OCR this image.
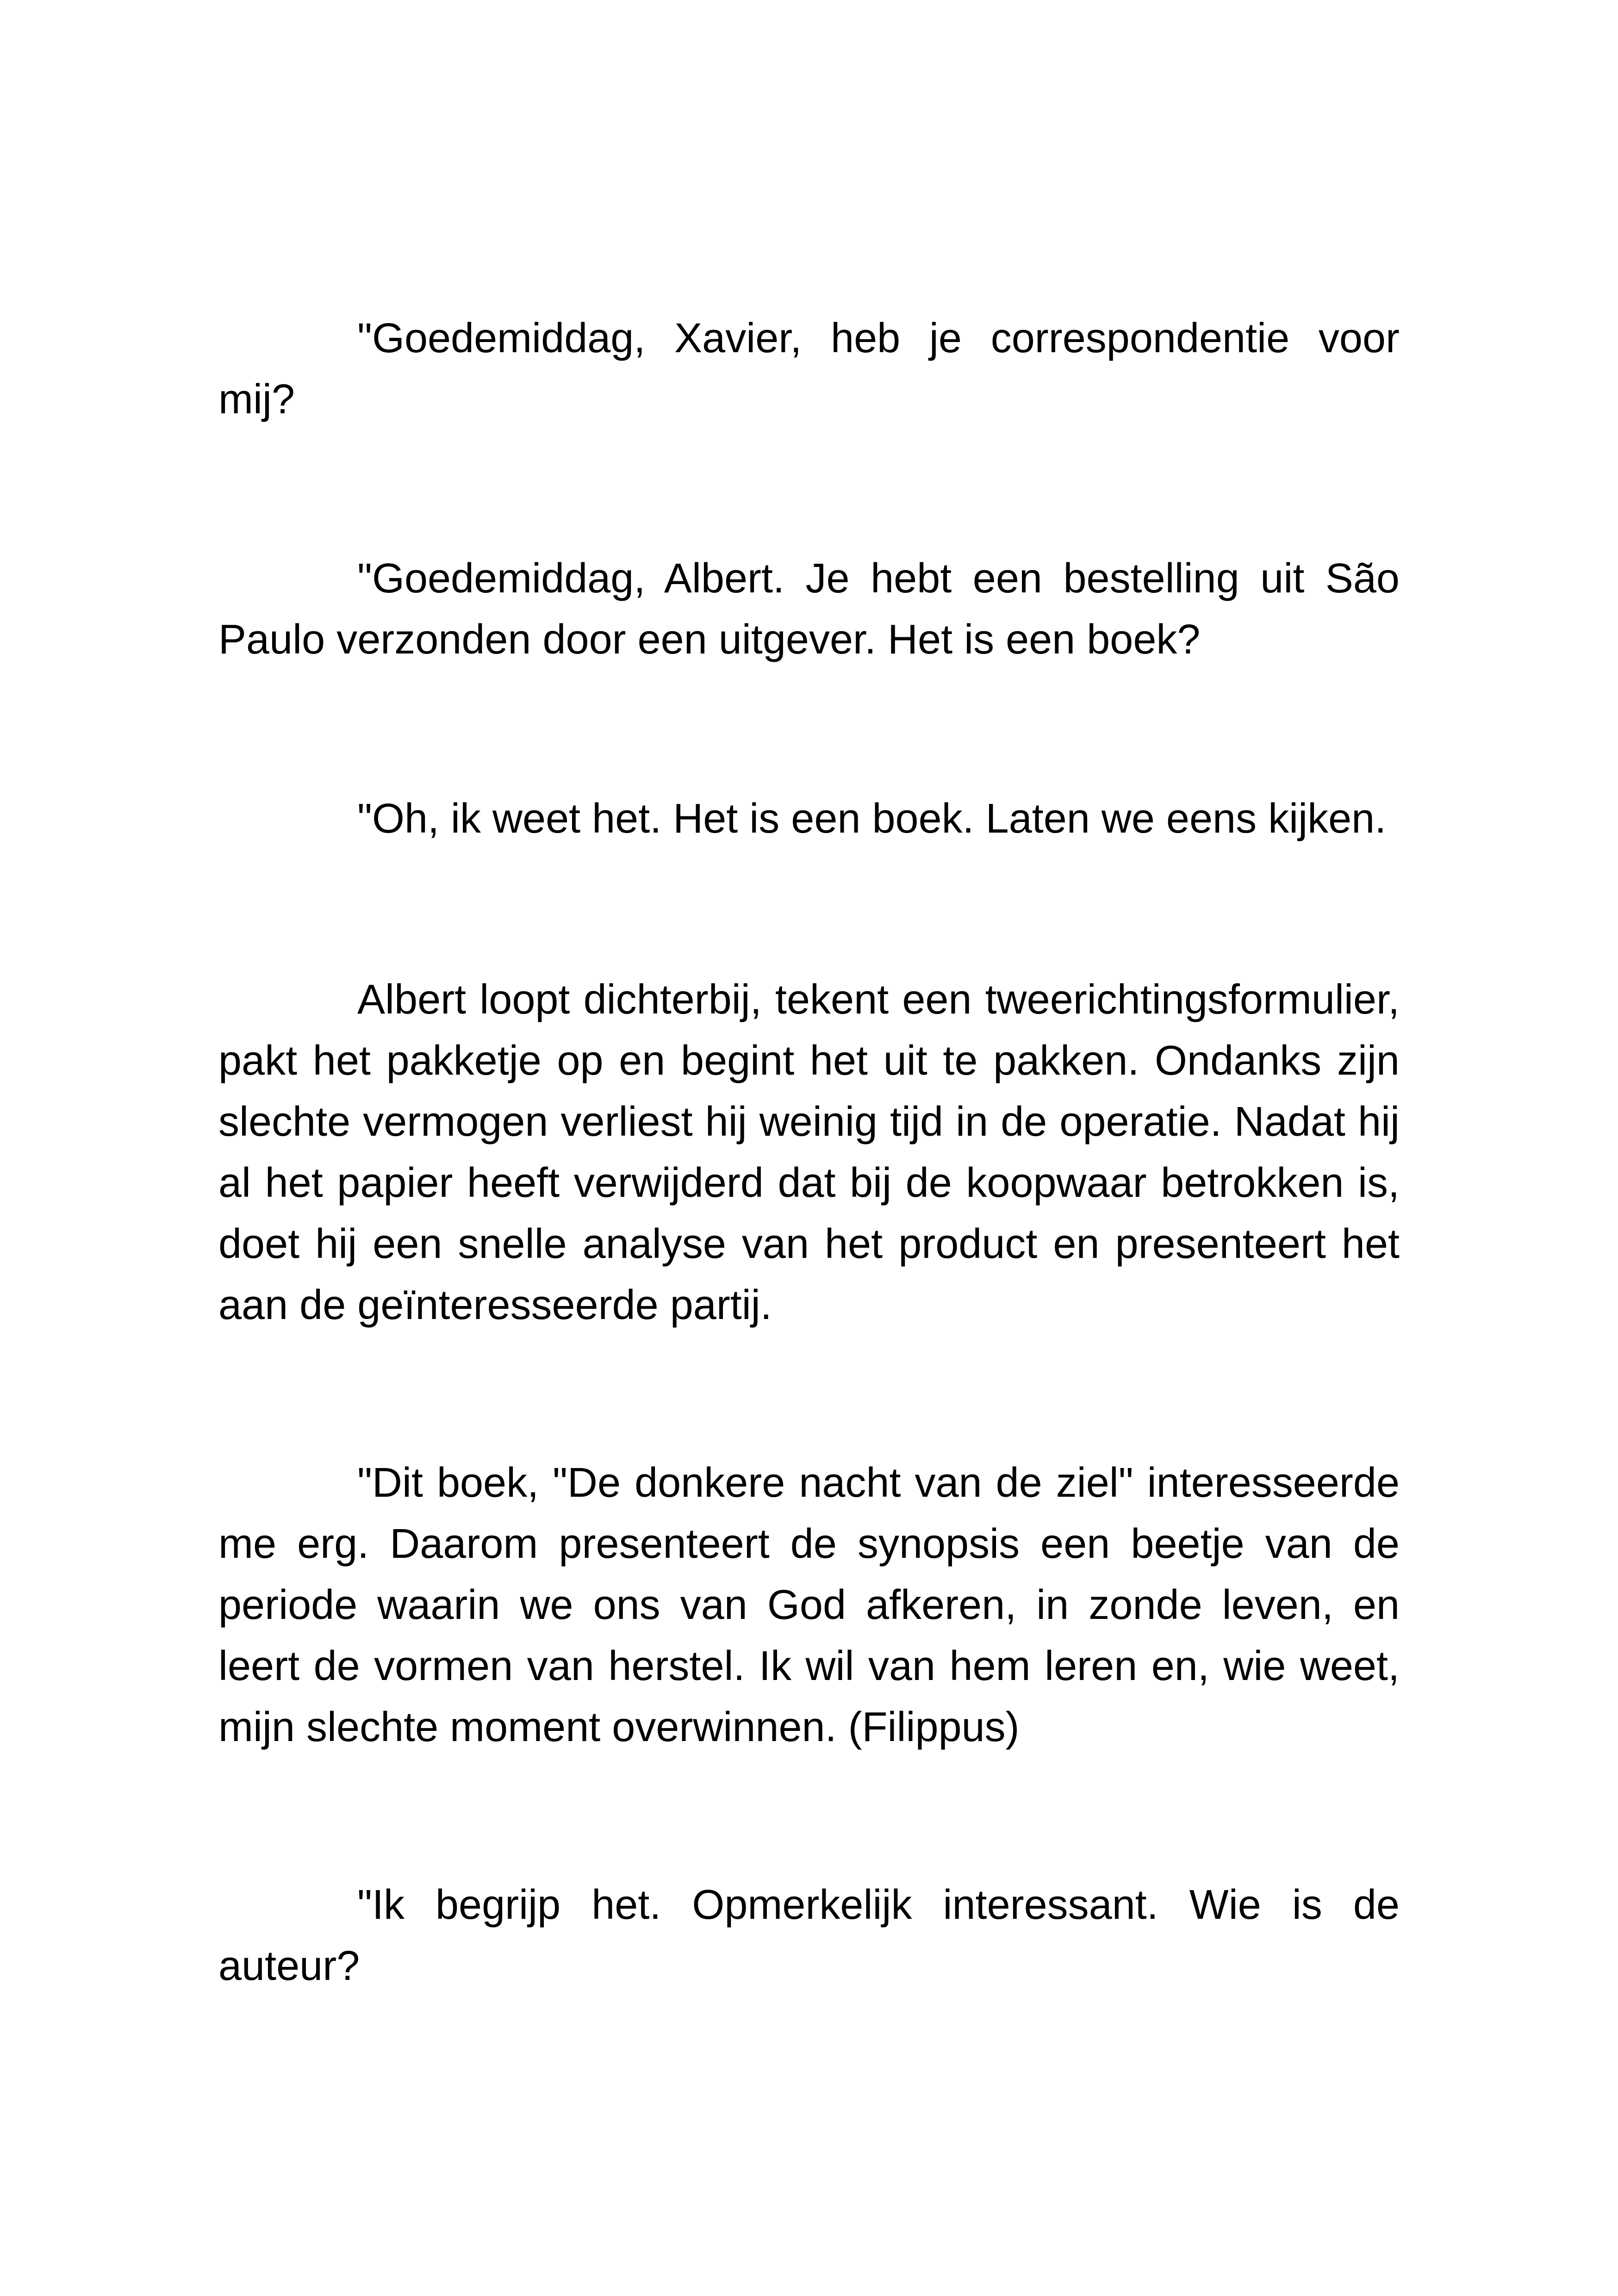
"Goedemiddag, Xavier, heb je correspondentie voor mij?

"Goedemiddag, Albert. Je hebt een bestelling uit São Paulo verzonden door een uitgever. Het is een boek?

"Oh, ik weet het. Het is een boek. Laten we eens kijken.

Albert loopt dichterbij, tekent een tweerichtingsformulier, pakt het pakketje op en begint het uit te pakken. Ondanks zijn slechte vermogen verliest hij weinig tijd in de operatie. Nadat hij al het papier heeft verwijderd dat bij de koopwaar betrokken is, doet hij een snelle analyse van het product en presenteert het aan de geïnteresseerde partij.

"Dit boek, "De donkere nacht van de ziel" interesseerde me erg. Daarom presenteert de synopsis een beetje van de periode waarin we ons van God afkeren, in zonde leven, en leert de vormen van herstel. Ik wil van hem leren en, wie weet, mijn slechte moment overwinnen. (Filippus)

"Ik begrijp het. Opmerkelijk interessant. Wie is de auteur?
